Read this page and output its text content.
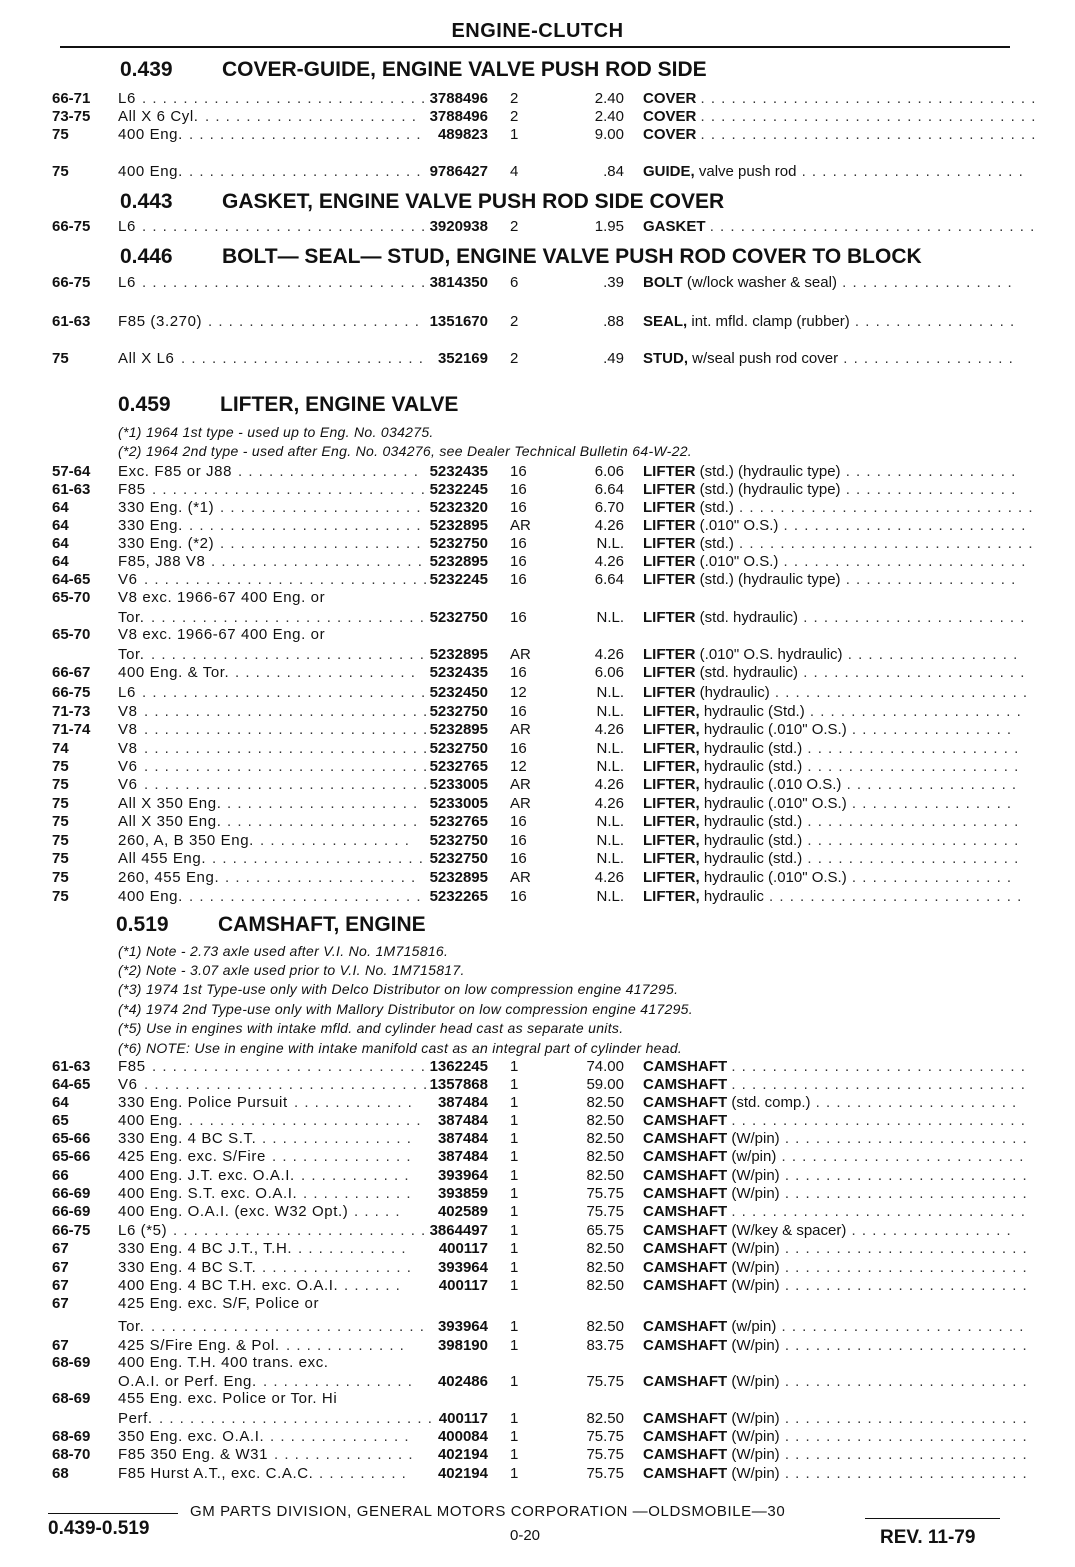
ENGINE-CLUTCH
0.439 COVER-GUIDE, ENGINE VALVE PUSH ROD SIDE
66-71 L6 . . . . . . . . . . . . . . . . . . . . . . . . . . . . 3788496 2	2.40 COVER . . . . . . . . . . . . . . . . . . . . . . . . . . . . . . . . .
73-75 All X 6 Cyl. . . . . . . . . . . . . . . . . . . . . . 3788496 2	2.40 COVER . . . . . . . . . . . . . . . . . . . . . . . . . . . . . . . . .
75	400 Eng. . . . . . . . . . . . . . . . . . . . . . . .	489823 1	9.00 COVER . . . . . . . . . . . . . . . . . . . . . . . . . . . . . . . . .
75	400 Eng. . . . . . . . . . . . . . . . . . . . . . . . 9786427 4	.84 GUIDE, valve push rod . . . . . . . . . . . . . . . . . . . . . .
0.443 GASKET, ENGINE VALVE PUSH ROD SIDE COVER
66-75 L6 . . . . . . . . . . . . . . . . . . . . . . . . . . . . 3920938 2	1.95 GASKET . . . . . . . . . . . . . . . . . . . . . . . . . . . . . . . .
0.446 BOLT— SEAL— STUD, ENGINE VALVE PUSH ROD COVER TO BLOCK
66-75 L6 . . . . . . . . . . . . . . . . . . . . . . . . . . . . 3814350 6	.39 BOLT (w/lock washer & seal) . . . . . . . . . . . . . . . . .
61-63 F85 (3.270) . . . . . . . . . . . . . . . . . . . . . 1351670 2	.88 SEAL, int. mfld. clamp (rubber) . . . . . . . . . . . . . . . .
75	All X L6 . . . . . . . . . . . . . . . . . . . . . . . . 352169 2	.49 STUD, w/seal push rod cover . . . . . . . . . . . . . . . . .
0.459 LIFTER, ENGINE VALVE
(*1) 1964 1st type - used up to Eng. No. 034275.
(*2) 1964 2nd type - used after Eng. No. 034276, see Dealer Technical Bulletin 64-W-22.
57-64 Exc. F85 or J88 . . . . . . . . . . . . . . . . . . 5232435 16	6.06 LIFTER (std.) (hydraulic type) . . . . . . . . . . . . . . . . .
61-63 F85 . . . . . . . . . . . . . . . . . . . . . . . . . . . 5232245 16	6.64 LIFTER (std.) (hydraulic type) . . . . . . . . . . . . . . . . .
64	330 Eng. (*1) . . . . . . . . . . . . . . . . . . . . 5232320 16	6.70 LIFTER (std.) . . . . . . . . . . . . . . . . . . . . . . . . . . . . .
64	330 Eng. . . . . . . . . . . . . . . . . . . . . . . . 5232895 AR	4.26 LIFTER (.010" O.S.) . . . . . . . . . . . . . . . . . . . . . . . .
64	330 Eng. (*2) . . . . . . . . . . . . . . . . . . . . 5232750 16	N.L. LIFTER (std.) . . . . . . . . . . . . . . . . . . . . . . . . . . . . .
64	F85, J88 V8 . . . . . . . . . . . . . . . . . . . . . 5232895 16	4.26 LIFTER (.010" O.S.) . . . . . . . . . . . . . . . . . . . . . . . .
64-65 V6 . . . . . . . . . . . . . . . . . . . . . . . . . . . . 5232245 16	6.64 LIFTER (std.) (hydraulic type) . . . . . . . . . . . . . . . . .
65-70 V8 exc. 1966-67 400 Eng. or
Tor. . . . . . . . . . . . . . . . . . . . . . . . . . . . 5232750 16	N.L. LIFTER (std. hydraulic) . . . . . . . . . . . . . . . . . . . . . .
65-70 V8 exc. 1966-67 400 Eng. or
Tor. . . . . . . . . . . . . . . . . . . . . . . . . . . . 5232895 AR	4.26 LIFTER (.010" O.S. hydraulic) . . . . . . . . . . . . . . . . .
66-67 400 Eng. & Tor. . . . . . . . . . . . . . . . . . . 5232435 16	6.06 LIFTER (std. hydraulic) . . . . . . . . . . . . . . . . . . . . . .
66-75 L6 . . . . . . . . . . . . . . . . . . . . . . . . . . . . 5232450 12	N.L. LIFTER (hydraulic) . . . . . . . . . . . . . . . . . . . . . . . . .
71-73 V8 . . . . . . . . . . . . . . . . . . . . . . . . . . . . 5232750 16	N.L. LIFTER, hydraulic (Std.) . . . . . . . . . . . . . . . . . . . . .
71-74 V8 . . . . . . . . . . . . . . . . . . . . . . . . . . . . 5232895 AR	4.26 LIFTER, hydraulic (.010" O.S.) . . . . . . . . . . . . . . . .
74	V8 . . . . . . . . . . . . . . . . . . . . . . . . . . . . 5232750 16	N.L. LIFTER, hydraulic (std.) . . . . . . . . . . . . . . . . . . . . .
75	V6 . . . . . . . . . . . . . . . . . . . . . . . . . . . . 5232765 12	N.L. LIFTER, hydraulic (std.) . . . . . . . . . . . . . . . . . . . . .
75	V6 . . . . . . . . . . . . . . . . . . . . . . . . . . . . 5233005 AR	4.26 LIFTER, hydraulic (.010 O.S.) . . . . . . . . . . . . . . . . .
75	All X 350 Eng. . . . . . . . . . . . . . . . . . . . 5233005 AR	4.26 LIFTER, hydraulic (.010" O.S.) . . . . . . . . . . . . . . . .
75	All X 350 Eng. . . . . . . . . . . . . . . . . . . . 5232765 16	N.L. LIFTER, hydraulic (std.) . . . . . . . . . . . . . . . . . . . . .
75	260, A, B 350 Eng. . . . . . . . . . . . . . . .	5232750 16	N.L. LIFTER, hydraulic (std.) . . . . . . . . . . . . . . . . . . . . .
75	All 455 Eng. . . . . . . . . . . . . . . . . . . . . . 5232750 16	N.L. LIFTER, hydraulic (std.) . . . . . . . . . . . . . . . . . . . . .
75	260, 455 Eng. . . . . . . . . . . . . . . . . . . . 5232895 AR	4.26 LIFTER, hydraulic (.010" O.S.) . . . . . . . . . . . . . . . .
75	400 Eng. . . . . . . . . . . . . . . . . . . . . . . . 5232265 16	N.L. LIFTER, hydraulic . . . . . . . . . . . . . . . . . . . . . . . . .
0.519 CAMSHAFT, ENGINE
(*1) Note - 2.73 axle used after V.I. No. 1M715816.
(*2) Note - 3.07 axle used prior to V.I. No. 1M715817.
(*3) 1974 1st Type-use only with Delco Distributor on low compression engine 417295.
(*4) 1974 2nd Type-use only with Mallory Distributor on low compression engine 417295.
(*5) Use in engines with intake mfld. and cylinder head cast as separate units.
(*6) NOTE: Use in engine with intake manifold cast as an integral part of cylinder head.
61-63 F85 . . . . . . . . . . . . . . . . . . . . . . . . . . . 1362245 1	74.00 CAMSHAFT . . . . . . . . . . . . . . . . . . . . . . . . . . . . .
64-65 V6 . . . . . . . . . . . . . . . . . . . . . . . . . . . . 1357868 1	59.00 CAMSHAFT . . . . . . . . . . . . . . . . . . . . . . . . . . . . .
64	330 Eng. Police Pursuit . . . . . . . . . . . .	387484 1	82.50 CAMSHAFT (std. comp.) . . . . . . . . . . . . . . . . . . . .
65	400 Eng. . . . . . . . . . . . . . . . . . . . . . . .	387484 1	82.50 CAMSHAFT . . . . . . . . . . . . . . . . . . . . . . . . . . . . .
65-66 330 Eng. 4 BC S.T. . . . . . . . . . . . . . . .	387484 1	82.50 CAMSHAFT (W/pin) . . . . . . . . . . . . . . . . . . . . . . . .
65-66 425 Eng. exc. S/Fire . . . . . . . . . . . . . .	387484 1	82.50 CAMSHAFT (w/pin) . . . . . . . . . . . . . . . . . . . . . . . .
66	400 Eng. J.T. exc. O.A.I. . . . . . . . . . . .	393964 1	82.50 CAMSHAFT (W/pin) . . . . . . . . . . . . . . . . . . . . . . . .
66-69 400 Eng. S.T. exc. O.A.I. . . . . . . . . . . .	393859 1	75.75 CAMSHAFT (W/pin) . . . . . . . . . . . . . . . . . . . . . . . .
66-69 400 Eng. O.A.I. (exc. W32 Opt.) . . . . .	402589 1	75.75 CAMSHAFT . . . . . . . . . . . . . . . . . . . . . . . . . . . . .
66-75 L6 (*5) . . . . . . . . . . . . . . . . . . . . . . . . . 3864497 1	65.75 CAMSHAFT (W/key & spacer) . . . . . . . . . . . . . . . .
67	330 Eng. 4 BC J.T., T.H. . . . . . . . . . . .	400117 1	82.50 CAMSHAFT (W/pin) . . . . . . . . . . . . . . . . . . . . . . . .
67	330 Eng. 4 BC S.T. . . . . . . . . . . . . . . .	393964 1	82.50 CAMSHAFT (W/pin) . . . . . . . . . . . . . . . . . . . . . . . .
67	400 Eng. 4 BC T.H. exc. O.A.I. . . . . . .	400117 1	82.50 CAMSHAFT (W/pin) . . . . . . . . . . . . . . . . . . . . . . . .
67	425 Eng. exc. S/F, Police or
Tor. . . . . . . . . . . . . . . . . . . . . . . . . . . . 393964 1	82.50 CAMSHAFT (w/pin) . . . . . . . . . . . . . . . . . . . . . . . .
67	425 S/Fire Eng. & Pol. . . . . . . . . . . . .	398190 1	83.75 CAMSHAFT (W/pin) . . . . . . . . . . . . . . . . . . . . . . . .
68-69 400 Eng. T.H. 400 trans. exc.
O.A.I. or Perf. Eng. . . . . . . . . . . . . . . .	402486 1	75.75 CAMSHAFT (W/pin) . . . . . . . . . . . . . . . . . . . . . . . .
68-69 455 Eng. exc. Police or Tor. Hi
Perf. . . . . . . . . . . . . . . . . . . . . . . . . . . . 400117 1	82.50 CAMSHAFT (W/pin) . . . . . . . . . . . . . . . . . . . . . . . .
68-69 350 Eng. exc. O.A.I. . . . . . . . . . . . . . .	400084 1	75.75 CAMSHAFT (W/pin) . . . . . . . . . . . . . . . . . . . . . . . .
68-70 F85 350 Eng. & W31 . . . . . . . . . . . . . .	402194 1	75.75 CAMSHAFT (W/pin) . . . . . . . . . . . . . . . . . . . . . . . .
68	F85 Hurst A.T., exc. C.A.C. . . . . . . . . .	402194 1	75.75 CAMSHAFT (W/pin) . . . . . . . . . . . . . . . . . . . . . . . .
0.439-0.519
GM PARTS DIVISION, GENERAL MOTORS CORPORATION —OLDSMOBILE—30
0-20	REV. 11-79
